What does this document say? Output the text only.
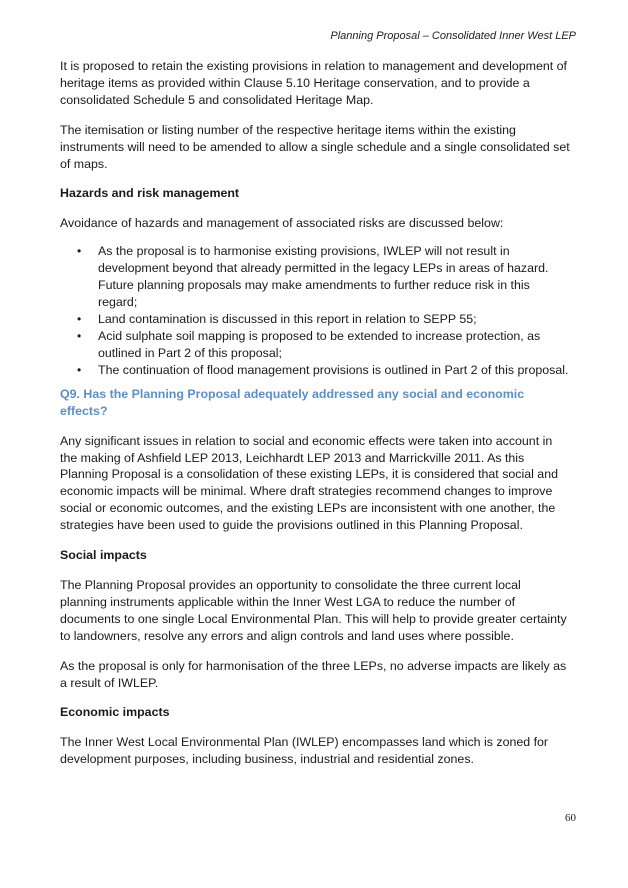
Planning Proposal – Consolidated Inner West LEP

It is proposed to retain the existing provisions in relation to management and development of heritage items as provided within Clause 5.10 Heritage conservation, and to provide a consolidated Schedule 5 and consolidated Heritage Map.

The itemisation or listing number of the respective heritage items within the existing instruments will need to be amended to allow a single schedule and a single consolidated set of maps.

Hazards and risk management

Avoidance of hazards and management of associated risks are discussed below:

• As the proposal is to harmonise existing provisions, IWLEP will not result in development beyond that already permitted in the legacy LEPs in areas of hazard. Future planning proposals may make amendments to further reduce risk in this regard;
• Land contamination is discussed in this report in relation to SEPP 55;
• Acid sulphate soil mapping is proposed to be extended to increase protection, as outlined in Part 2 of this proposal;
• The continuation of flood management provisions is outlined in Part 2 of this proposal.
Q9. Has the Planning Proposal adequately addressed any social and economic effects?

Any significant issues in relation to social and economic effects were taken into account in the making of Ashfield LEP 2013, Leichhardt LEP 2013 and Marrickville 2011. As this Planning Proposal is a consolidation of these existing LEPs, it is considered that social and economic impacts will be minimal. Where draft strategies recommend changes to improve social or economic outcomes, and the existing LEPs are inconsistent with one another, the strategies have been used to guide the provisions outlined in this Planning Proposal.

Social impacts

The Planning Proposal provides an opportunity to consolidate the three current local planning instruments applicable within the Inner West LGA to reduce the number of documents to one single Local Environmental Plan. This will help to provide greater certainty to landowners, resolve any errors and align controls and land uses where possible.

As the proposal is only for harmonisation of the three LEPs, no adverse impacts are likely as a result of IWLEP.

Economic impacts

The Inner West Local Environmental Plan (IWLEP) encompasses land which is zoned for development purposes, including business, industrial and residential zones.

60
